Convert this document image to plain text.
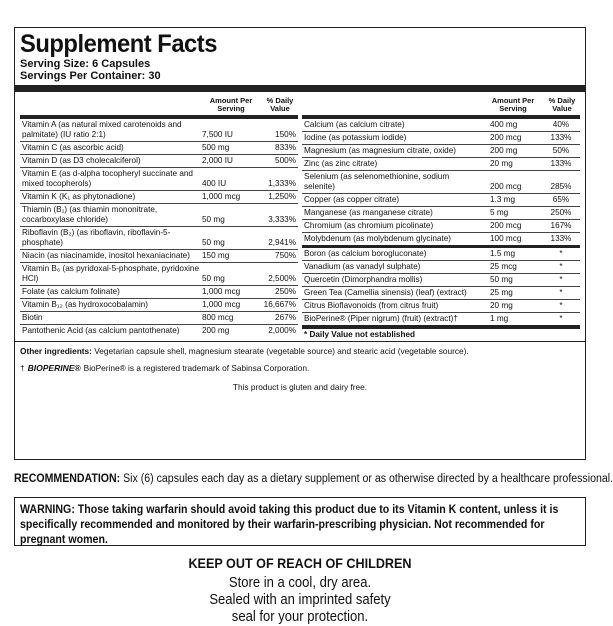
Supplement Facts
Serving Size: 6 Capsules
Servings Per Container: 30
Amount Per Serving
% Daily Value
Vitamin A (as natural mixed carotenoids and palmitate) (IU ratio 2:1)	7,500 IU	150%
Vitamin C (as ascorbic acid)	500 mg	833%
Vitamin D (as D3 cholecalciferol)	2,000 IU	500%
Vitamin E (as d-alpha tocopheryl succinate and mixed tocopherols)	400 IU	1,333%
Vitamin K (K₁ as phytonadione)	1,000 mcg	1,250%
Thiamin (B₁) (as thiamin mononitrate, cocarboxylase chloride)	50 mg	3,333%
Riboflavin (B₂) (as riboflavin, riboflavin-5-phosphate)	50 mg	2,941%
Niacin (as niacinamide, inositol hexaniacinate)	150 mg	750%
Vitamin B₆ (as pyridoxal-5-phosphate, pyridoxine HCl)	50 mg	2,500%
Folate (as calcium folinate)	1,000 mcg	250%
Vitamin B₁₂ (as hydroxocobalamin)	1,000 mcg	16,667%
Biotin	800 mcg	267%
Pantothenic Acid (as calcium pantothenate)	200 mg	2,000%
Amount Per Serving
% Daily Value
Calcium (as calcium citrate)	400 mg	40%
Iodine (as potassium iodide)	200 mcg	133%
Magnesium (as magnesium citrate, oxide)	200 mg	50%
Zinc (as zinc citrate)	20 mg	133%
Selenium (as selenomethionine, sodium selenite)	200 mcg	285%
Copper (as copper citrate)	1.3 mg	65%
Manganese (as manganese citrate)	5 mg	250%
Chromium (as chromium picolinate)	200 mcg	167%
Molybdenum (as molybdenum glycinate)	100 mcg	133%
Boron (as calcium borogluconate)	1.5 mg	*
Vanadium (as vanadyl sulphate)	25 mcg	*
Quercetin (Dimorphandra mollis)	50 mg	*
Green Tea (Camellia sinensis) (leaf) (extract)	25 mg	*
Citrus Bioflavonoids (from citrus fruit)	20 mg	*
BioPerine® (Piper nigrum) (fruit) (extract)†	1 mg	*
* Daily Value not established
Other ingredients: Vegetarian capsule shell, magnesium stearate (vegetable source) and stearic acid (vegetable source).
† BIOPERINE® BioPerine® is a registered trademark of Sabinsa Corporation.
This product is gluten and dairy free.
RECOMMENDATION: Six (6) capsules each day as a dietary supplement or as otherwise directed by a healthcare professional.
WARNING: Those taking warfarin should avoid taking this product due to its Vitamin K content, unless it is specifically recommended and monitored by their warfarin-prescribing physician. Not recommended for pregnant women.
KEEP OUT OF REACH OF CHILDREN
Store in a cool, dry area.
Sealed with an imprinted safety
seal for your protection.
